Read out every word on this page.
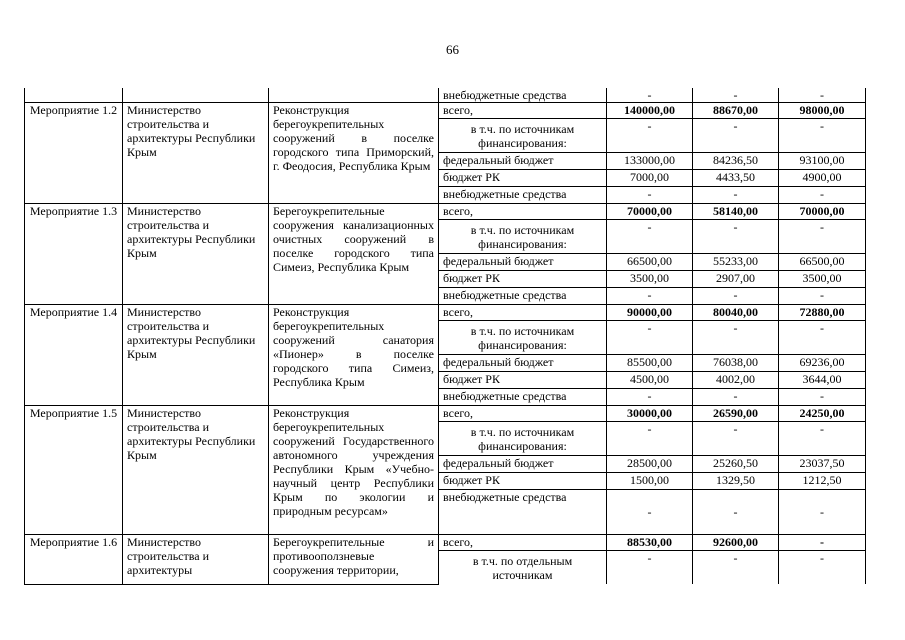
66
			внебюджетные средства	-	-	-
Мероприятие 1.2	Министерство строительства и архитектуры Республики Крым	Реконструкция берегоукрепительных сооружений в поселке городского типа Приморский, г. Феодосия, Республика Крым	всего,	140000,00	88670,00	98000,00
			в т.ч. по источникам финансирования:	-	-	-
			федеральный бюджет	133000,00	84236,50	93100,00
			бюджет РК	7000,00	4433,50	4900,00
			внебюджетные средства	-	-	-
Мероприятие 1.3	Министерство строительства и архитектуры Республики Крым	Берегоукрепительные сооружения канализационных очистных сооружений в поселке городского типа Симеиз, Республика Крым	всего,	70000,00	58140,00	70000,00
			в т.ч. по источникам финансирования:	-	-	-
			федеральный бюджет	66500,00	55233,00	66500,00
			бюджет РК	3500,00	2907,00	3500,00
			внебюджетные средства	-	-	-
Мероприятие 1.4	Министерство строительства и архитектуры Республики Крым	Реконструкция берегоукрепительных сооружений санатория «Пионер» в поселке городского типа Симеиз, Республика Крым	всего,	90000,00	80040,00	72880,00
			в т.ч. по источникам финансирования:	-	-	-
			федеральный бюджет	85500,00	76038,00	69236,00
			бюджет РК	4500,00	4002,00	3644,00
			внебюджетные средства	-	-	-
Мероприятие 1.5	Министерство строительства и архитектуры Республики Крым	Реконструкция берегоукрепительных сооружений Государственного автономного учреждения Республики Крым «Учебно-научный центр Республики Крым по экологии и природным ресурсам»	всего,	30000,00	26590,00	24250,00
			в т.ч. по источникам финансирования:	-	-	-
			федеральный бюджет	28500,00	25260,50	23037,50
			бюджет РК	1500,00	1329,50	1212,50
			внебюджетные средства	-	-	-
Мероприятие 1.6	Министерство строительства и архитектуры	Берегоукрепительные и противооползневые сооружения территории,	всего,	88530,00	92600,00	-
			в т.ч. по отдельным источникам	-	-	-
